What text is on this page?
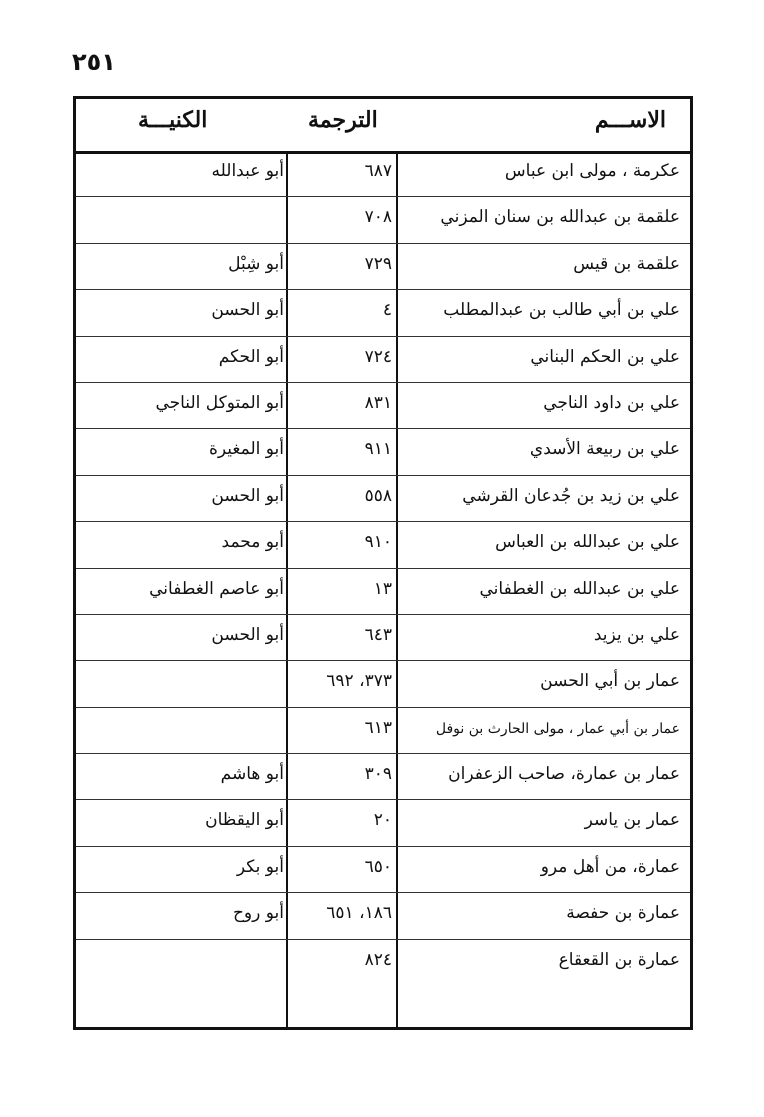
٢٥١
الاســـم
الترجمة
الكنيـــة
عكرمة ، مولى ابن عباس
٦٨٧
أبو عبدالله
علقمة بن عبدالله بن سنان المزني
٧٠٨
علقمة بن قيس
٧٢٩
أبو شِبْل
علي بن أبي طالب بن عبدالمطلب
٤
أبو الحسن
علي بن الحكم البناني
٧٢٤
أبو الحكم
علي بن داود الناجي
٨٣١
أبو المتوكل الناجي
علي بن ربيعة الأسدي
٩١١
أبو المغيرة
علي بن زيد بن جُدعان القرشي
٥٥٨
أبو الحسن
علي بن عبدالله بن العباس
٩١٠
أبو محمد
علي بن عبدالله بن الغطفاني
١٣
أبو عاصم الغطفاني
علي بن يزيد
٦٤٣
أبو الحسن
عمار بن أبي الحسن
٣٧٣، ٦٩٢
عمار بن أبي عمار ، مولى الحارث بن نوفل
٦١٣
عمار بن عمارة، صاحب الزعفران
٣٠٩
أبو هاشم
عمار بن ياسر
٢٠
أبو اليقظان
عمارة، من أهل مرو
٦٥٠
أبو بكر
عمارة بن حفصة
١٨٦، ٦٥١
أبو روح
عمارة بن القعقاع
٨٢٤
